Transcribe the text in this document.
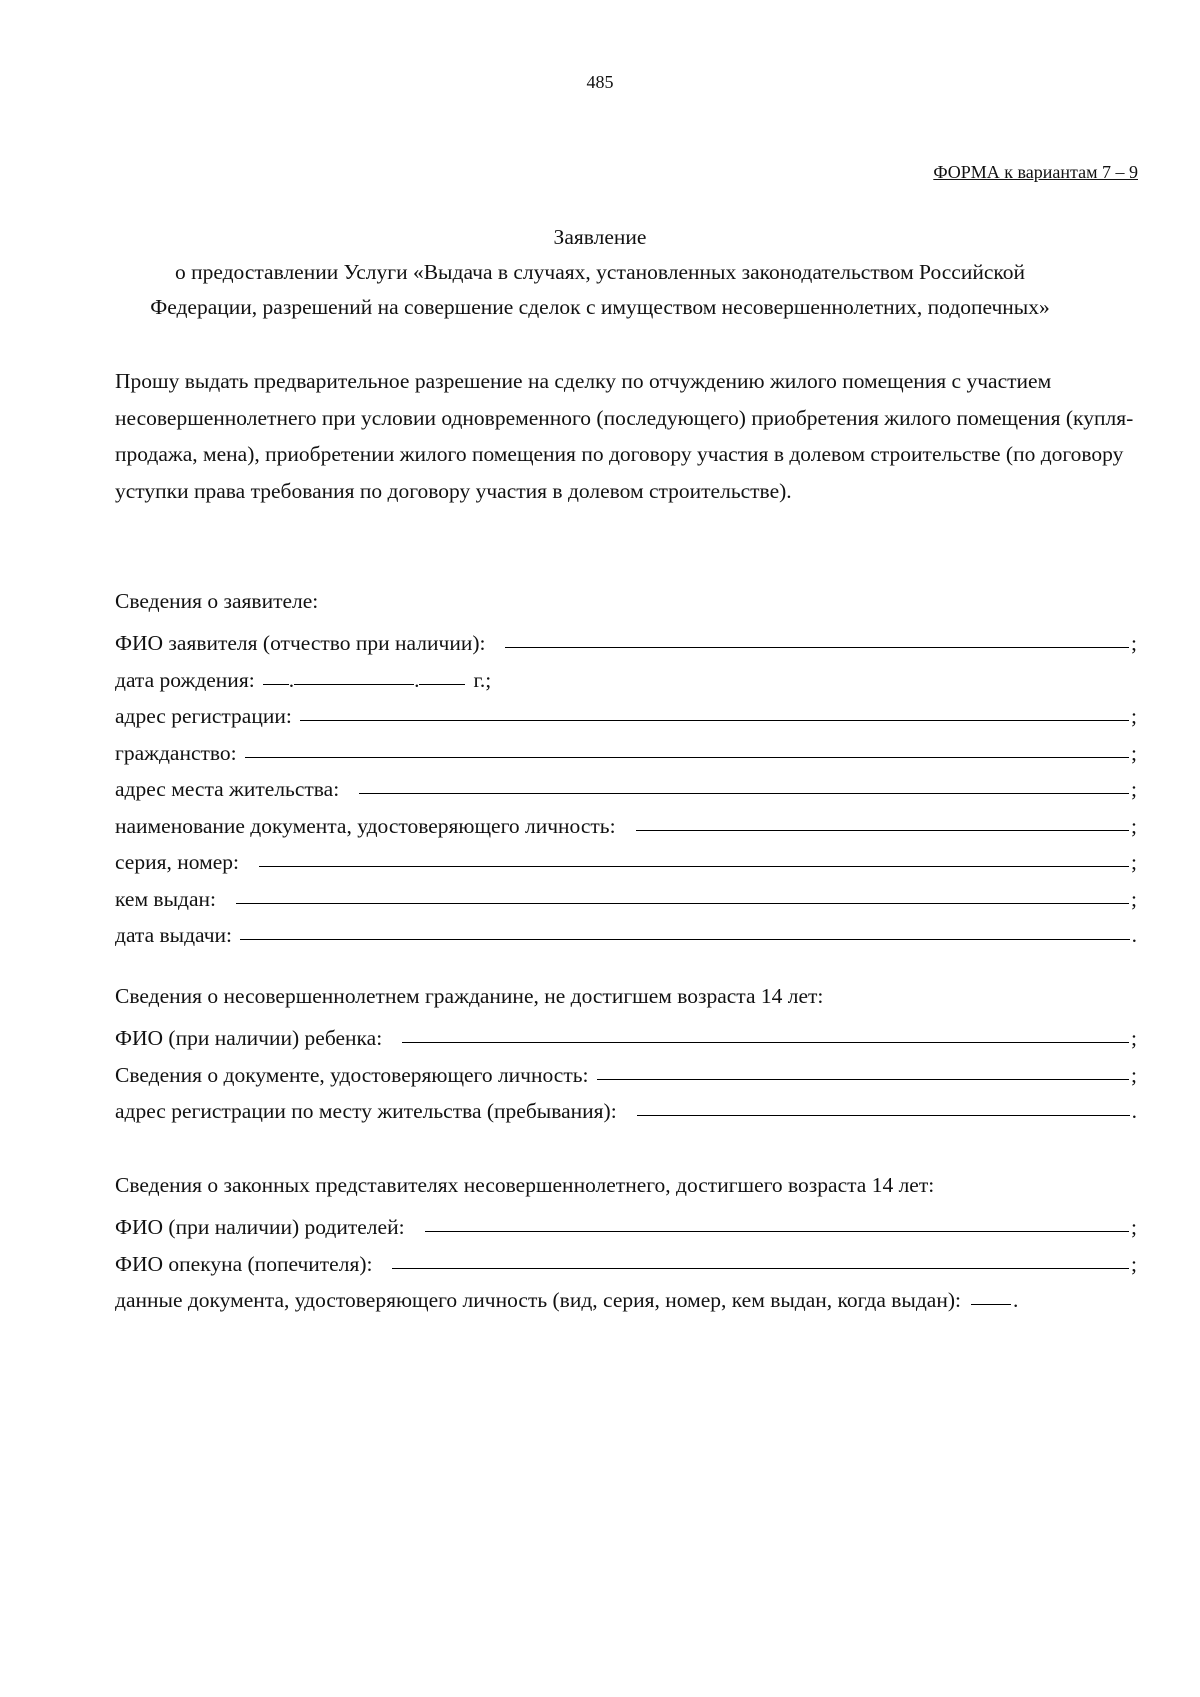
485
ФОРМА к вариантам 7 – 9
Заявление
о предоставлении Услуги «Выдача в случаях, установленных законодательством Российской
Федерации, разрешений на совершение сделок с имуществом несовершеннолетних, подопечных»

Прошу выдать предварительное разрешение на сделку по отчуждению жилого помещения с участием несовершеннолетнего при условии одновременного (последующего) приобретения жилого помещения (купля-продажа, мена), приобретении жилого помещения по договору участия в долевом строительстве (по договору уступки права требования по договору участия в долевом строительстве).

Сведения о заявителе:
ФИО заявителя (отчество при наличии):	;
дата рождения: .	.	г.;
адрес регистрации:	;
гражданство:	;
адрес места жительства:	;
наименование документа, удостоверяющего личность:	;
серия, номер:	;
кем выдан:	;
дата выдачи:	.
Сведения о несовершеннолетнем гражданине, не достигшем возраста 14 лет:
ФИО (при наличии) ребенка:	;
Сведения о документе, удостоверяющего личность:	;
адрес регистрации по месту жительства (пребывания):	.
Сведения о законных представителях несовершеннолетнего, достигшего возраста 14 лет:
ФИО (при наличии) родителей:	;
ФИО опекуна (попечителя):	;
данные документа, удостоверяющего личность (вид, серия, номер, кем выдан, когда выдан): .
